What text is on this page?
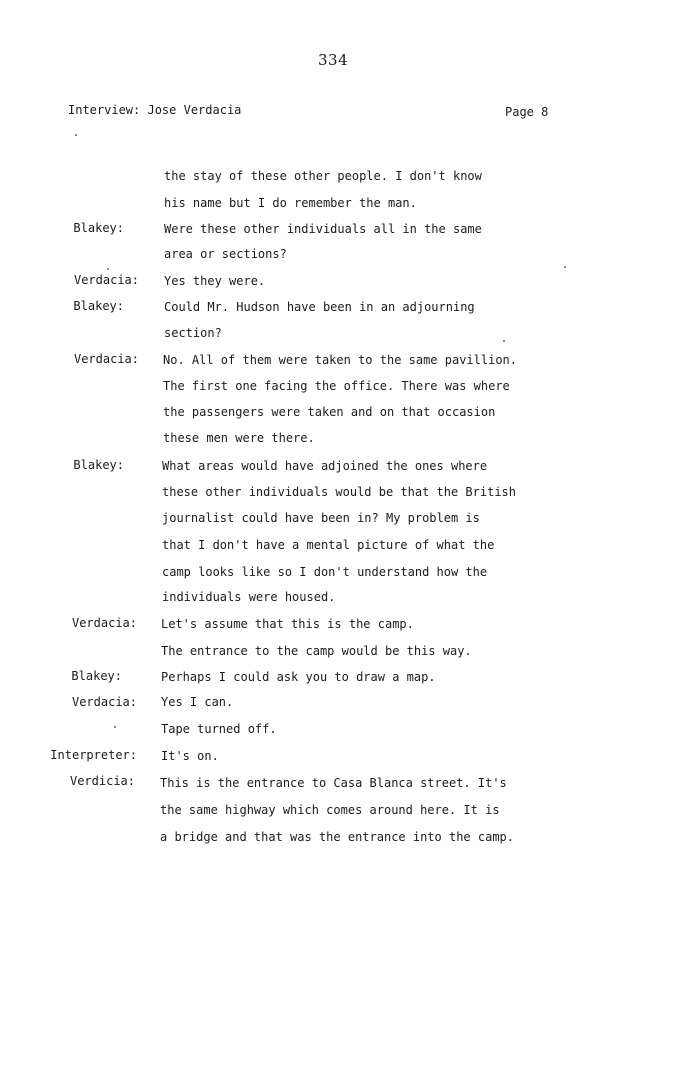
334
Interview: Jose Verdacia	Page 8
Blakey:
Verdacia:
Blakey:
Verdacia:
Blakey:
Verdacia:
Blakey:
Verdacia:
Interpreter:
Verdicia:
the stay of these other people. I don't know
his name but I do remember the man.
Were these other individuals all in the same
area or sections?
Yes they were.
Could Mr. Hudson have been in an adjourning
section?
No. All of them were taken to the same pavillion.
The first one facing the office. There was where
the passengers were taken and on that occasion
these men were there.
What areas would have adjoined the ones where
these other individuals would be that the British
journalist could have been in? My problem is
that I don't have a mental picture of what the
camp looks like so I don't understand how the
individuals were housed.
Let's assume that this is the camp.
The entrance to the camp would be this way.
Perhaps I could ask you to draw a map.
Yes I can.
Tape turned off.
It's on.
This is the entrance to Casa Blanca street. It's
the same highway which comes around here. It is
a bridge and that was the entrance into the camp.
